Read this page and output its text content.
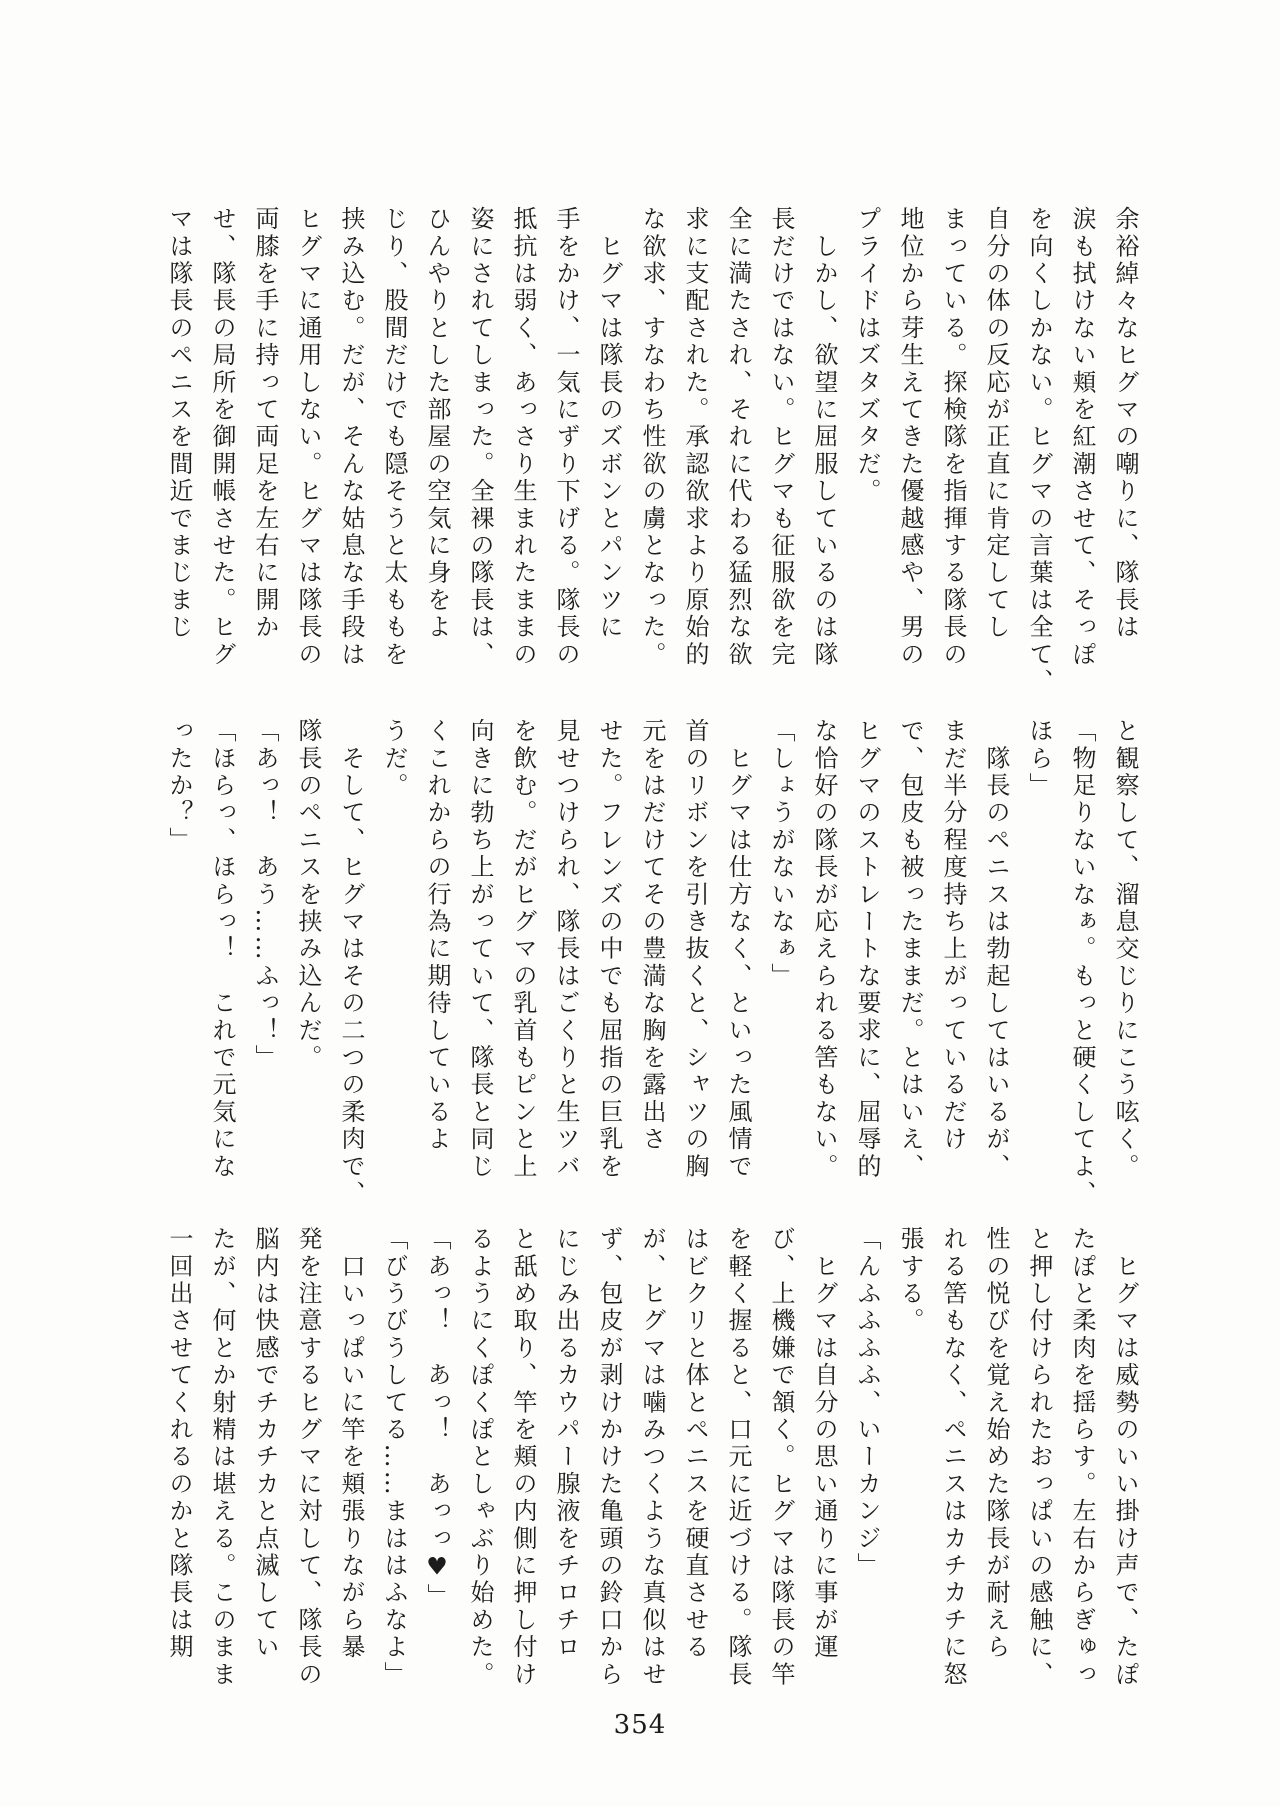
余裕綽々なヒグマの嘲りに、隊長は
涙も拭けない頬を紅潮させて、そっぽ
を向くしかない。ヒグマの言葉は全て、
自分の体の反応が正直に肯定してし
まっている。探検隊を指揮する隊長の
地位から芽生えてきた優越感や、男の
プライドはズタズタだ。
　しかし、欲望に屈服しているのは隊
長だけではない。ヒグマも征服欲を完
全に満たされ、それに代わる猛烈な欲
求に支配された。承認欲求より原始的
な欲求、すなわち性欲の虜となった。
　ヒグマは隊長のズボンとパンツに
手をかけ、一気にずり下げる。隊長の
抵抗は弱く、あっさり生まれたままの
姿にされてしまった。全裸の隊長は、
ひんやりとした部屋の空気に身をよ
じり、股間だけでも隠そうと太ももを
挟み込む。だが、そんな姑息な手段は
ヒグマに通用しない。ヒグマは隊長の
両膝を手に持って両足を左右に開か
せ、隊長の局所を御開帳させた。ヒグ
マは隊長のペニスを間近でまじまじ
と観察して、溜息交じりにこう呟く。
「物足りないなぁ。もっと硬くしてよ、
ほら」
　隊長のペニスは勃起してはいるが、
まだ半分程度持ち上がっているだけ
で、包皮も被ったままだ。とはいえ、
ヒグマのストレートな要求に、屈辱的
な恰好の隊長が応えられる筈もない。
「しょうがないなぁ」
　ヒグマは仕方なく、といった風情で
首のリボンを引き抜くと、シャツの胸
元をはだけてその豊満な胸を露出さ
せた。フレンズの中でも屈指の巨乳を
見せつけられ、隊長はごくりと生ツバ
を飲む。だがヒグマの乳首もピンと上
向きに勃ち上がっていて、隊長と同じ
くこれからの行為に期待しているよ
うだ。
　そして、ヒグマはその二つの柔肉で、
隊長のペニスを挟み込んだ。
「あっ！　あう……ふっ！」
「ほらっ、ほらっ！　これで元気にな
ったか？」
　ヒグマは威勢のいい掛け声で、たぽ
たぽと柔肉を揺らす。左右からぎゅっ
と押し付けられたおっぱいの感触に、
性の悦びを覚え始めた隊長が耐えら
れる筈もなく、ペニスはカチカチに怒
張する。
「んふふふふ、いーカンジ」
　ヒグマは自分の思い通りに事が運
び、上機嫌で頷く。ヒグマは隊長の竿
を軽く握ると、口元に近づける。隊長
はビクリと体とペニスを硬直させる
が、ヒグマは噛みつくような真似はせ
ず、包皮が剥けかけた亀頭の鈴口から
にじみ出るカウパー腺液をチロチロ
と舐め取り、竿を頬の内側に押し付け
るようにくぽくぽとしゃぶり始めた。
「あっ！　あっ！　あっっ♥」
「びうびうしてる……まははふなよ」
　口いっぱいに竿を頬張りながら暴
発を注意するヒグマに対して、隊長の
脳内は快感でチカチカと点滅してい
たが、何とか射精は堪える。このまま
一回出させてくれるのかと隊長は期
354
